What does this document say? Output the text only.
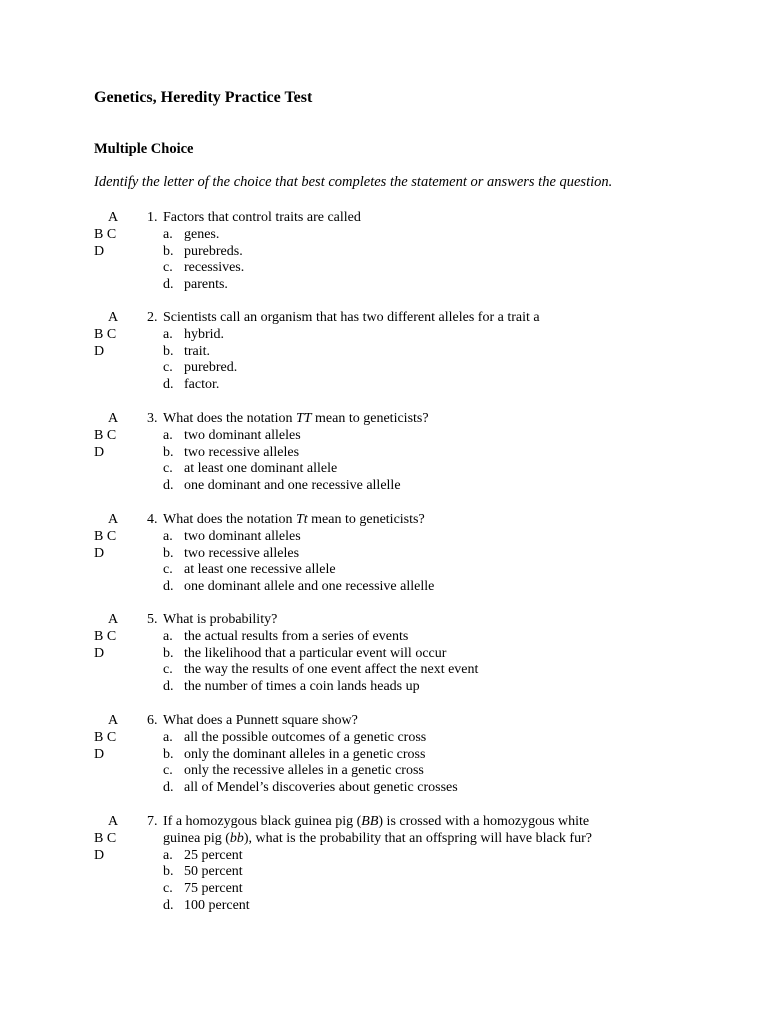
Genetics, Heredity Practice Test
Multiple Choice
Identify the letter of the choice that best completes the statement or answers the question.
A
B C
D
1. Factors that control traits are called
a. genes.
b. purebreds.
c. recessives.
d. parents.
A
B C
D
2. Scientists call an organism that has two different alleles for a trait a
a. hybrid.
b. trait.
c. purebred.
d. factor.
A
B C
D
3. What does the notation TT mean to geneticists?
a. two dominant alleles
b. two recessive alleles
c. at least one dominant allele
d. one dominant and one recessive allelle
A
B C
D
4. What does the notation Tt mean to geneticists?
a. two dominant alleles
b. two recessive alleles
c. at least one recessive allele
d. one dominant allele and one recessive allelle
A
B C
D
5. What is probability?
a. the actual results from a series of events
b. the likelihood that a particular event will occur
c. the way the results of one event affect the next event
d. the number of times a coin lands heads up
A
B C
D
6. What does a Punnett square show?
a. all the possible outcomes of a genetic cross
b. only the dominant alleles in a genetic cross
c. only the recessive alleles in a genetic cross
d. all of Mendel’s discoveries about genetic crosses
A
B C
D
7. If a homozygous black guinea pig (BB) is crossed with a homozygous white
guinea pig (bb), what is the probability that an offspring will have black fur?
a. 25 percent
b. 50 percent
c. 75 percent
d. 100 percent
